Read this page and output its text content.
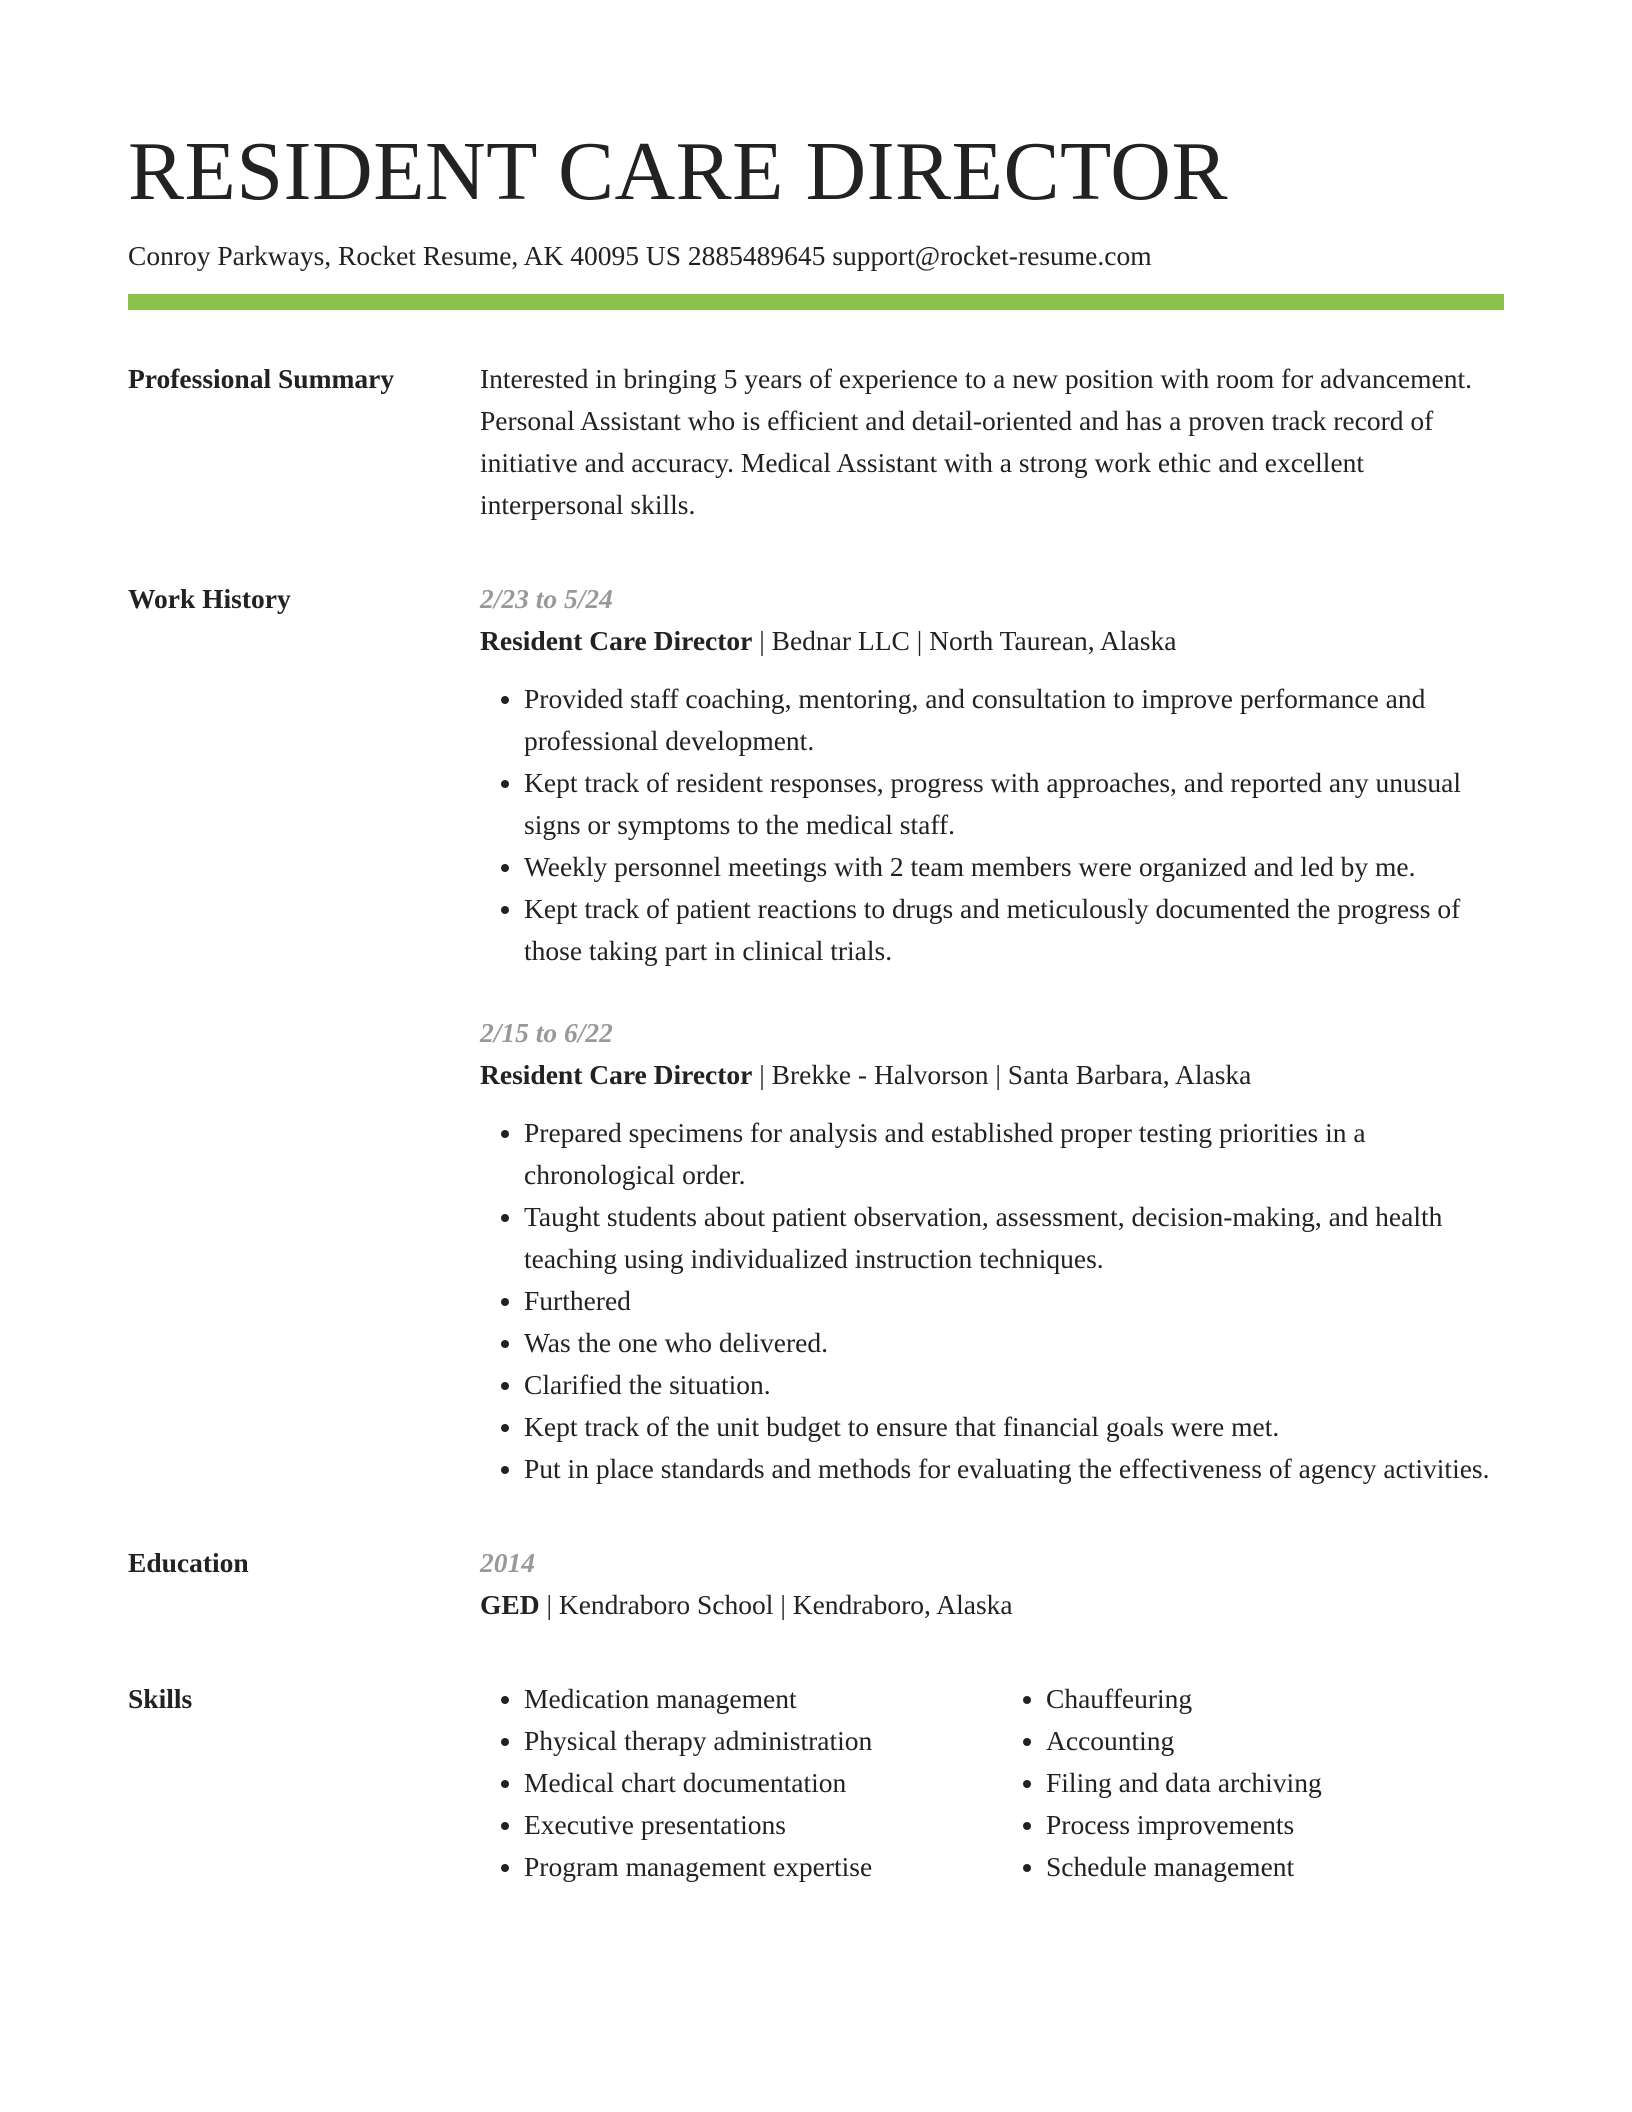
RESIDENT CARE DIRECTOR
Conroy Parkways, Rocket Resume, AK 40095 US 2885489645 support@rocket-resume.com
Professional Summary	Interested in bringing 5 years of experience to a new position with room for advancement. Personal Assistant who is efficient and detail-oriented and has a proven track record of initiative and accuracy. Medical Assistant with a strong work ethic and excellent interpersonal skills.

Work History	2/23 to 5/24

Resident Care Director | Bednar LLC | North Taurean, Alaska

• Provided staff coaching, mentoring, and consultation to improve performance and professional development.
• Kept track of resident responses, progress with approaches, and reported any unusual signs or symptoms to the medical staff.
• Weekly personnel meetings with 2 team members were organized and led by me.
• Kept track of patient reactions to drugs and meticulously documented the progress of those taking part in clinical trials.
2/15 to 6/22

Resident Care Director | Brekke - Halvorson | Santa Barbara, Alaska

• Prepared specimens for analysis and established proper testing priorities in a chronological order.
• Taught students about patient observation, assessment, decision-making, and health teaching using individualized instruction techniques.
• Furthered
• Was the one who delivered.
• Clarified the situation.
• Kept track of the unit budget to ensure that financial goals were met.
• Put in place standards and methods for evaluating the effectiveness of agency activities.
Education	2014

GED | Kendraboro School | Kendraboro, Alaska

Skills
•	Medication management
• Physical therapy administration
• Medical chart documentation
• Executive presentations
• Program management expertise
• Chauffeuring
• Accounting
• Filing and data archiving
• Process improvements
• Schedule management
